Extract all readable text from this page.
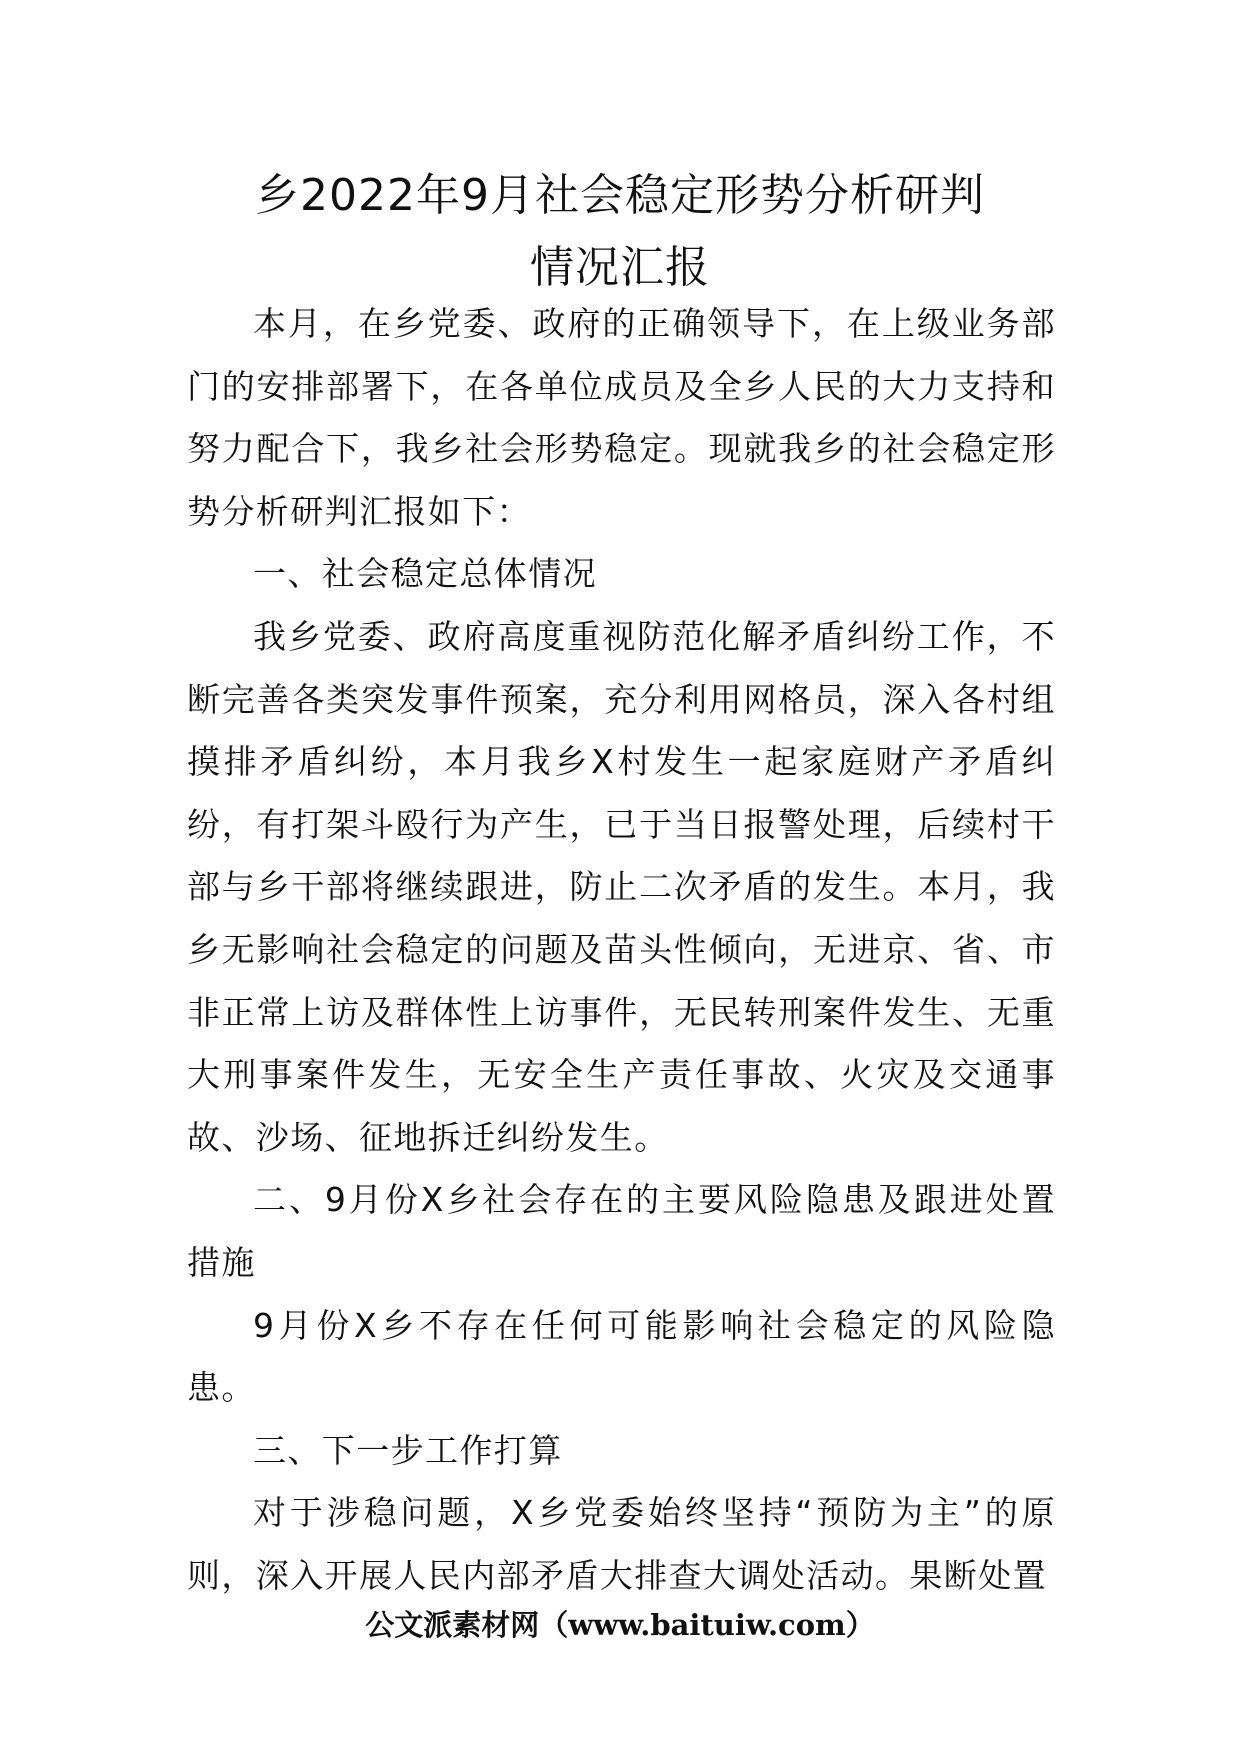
乡2022年9月社会稳定形势分析研判
情况汇报

本月，在乡党委、政府的正确领导下，在上级业务部门的安排部署下，在各单位成员及全乡人民的大力支持和努力配合下，我乡社会形势稳定。现就我乡的社会稳定形势分析研判汇报如下：

一、社会稳定总体情况

我乡党委、政府高度重视防范化解矛盾纠纷工作，不断完善各类突发事件预案，充分利用网格员，深入各村组摸排矛盾纠纷，本月我乡X村发生一起家庭财产矛盾纠纷，有打架斗殴行为产生，已于当日报警处理，后续村干部与乡干部将继续跟进，防止二次矛盾的发生。本月，我乡无影响社会稳定的问题及苗头性倾向，无进京、省、市非正常上访及群体性上访事件，无民转刑案件发生、无重大刑事案件发生，无安全生产责任事故、火灾及交通事故、沙场、征地拆迁纠纷发生。

二、9月份X乡社会存在的主要风险隐患及跟进处置措施

9月份X乡不存在任何可能影响社会稳定的风险隐患。

三、下一步工作打算

对于涉稳问题，X乡党委始终坚持“预防为主”的原则，深入开展人民内部矛盾大排查大调处活动。果断处置

公文派素材网（www.baituiw.com）
